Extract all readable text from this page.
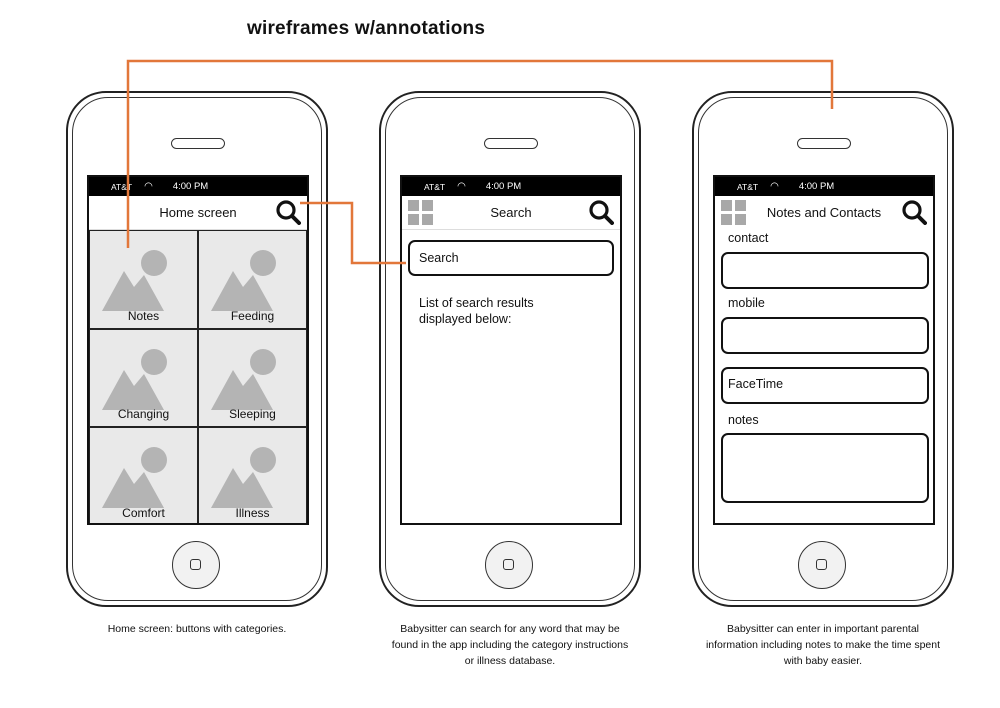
wireframes w/annotations
AT&T ◠ 4:00 PM
Home screen
Notes	Feeding
Changing	Sleeping
Comfort	Illness
AT&T ◠ 4:00 PM
Search
Search
List of search results displayed below:
AT&T ◠ 4:00 PM
Notes and Contacts
contact
mobile
FaceTime
notes
Home screen: buttons with categories.	Babysitter can search for any word that may be found in the app including the category instructions or illness database.
Babysitter can enter in important parental information including notes to make the time spent with baby easier.
